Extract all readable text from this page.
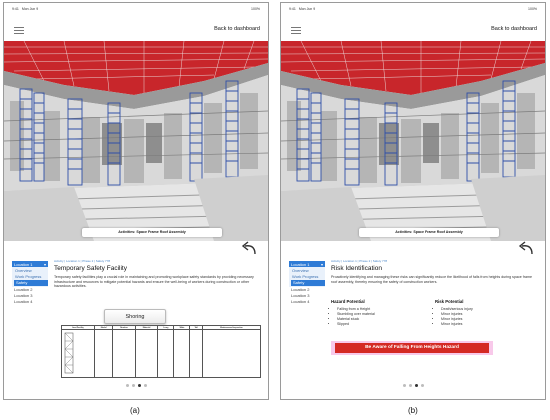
9:41 Mon Jun 9	100%
Back to dashboard
Activities: Space Frame Roof Assembly
Location 1	▾
Overview
Work Progress
Safety
Location 2
Location 3
Location 4
Activity | Location 1 | Phase 2 | Safety 778
Temporary Safety Facility
Temporary safety facilities play a crucial role in maintaining and promoting workplace safety standards by providing necessary infrastructure and resources to mitigate potential hazards and ensure the well-being of workers during construction or other hazardous activities.
Shoring
Item/Facility	Model	Number	Material	Long	Wide	Tall	Maintenance/Inspection

9:41 Mon Jun 9	100%
Back to dashboard
Activities: Space Frame Roof Assembly
Location 1	▾
Overview
Work Progress
Safety
Location 2
Location 3
Location 4
Activity | Location 1 | Phase 2 | Safety 778
Risk Identification
Proactively identifying and managing these risks can significantly reduce the likelihood of falls from heights during space frame roof assembly, thereby ensuring the safety of construction workers.
Hazard Potential
• Falling from a Height
• Stumbling over material
• Material stuck
• Slipped
Risk Potential
• Death/serious injury
• Minor injuries
• Minor injuries
• Minor injuries
Be Aware of Falling From Heights Hazard
(a)	(b)
